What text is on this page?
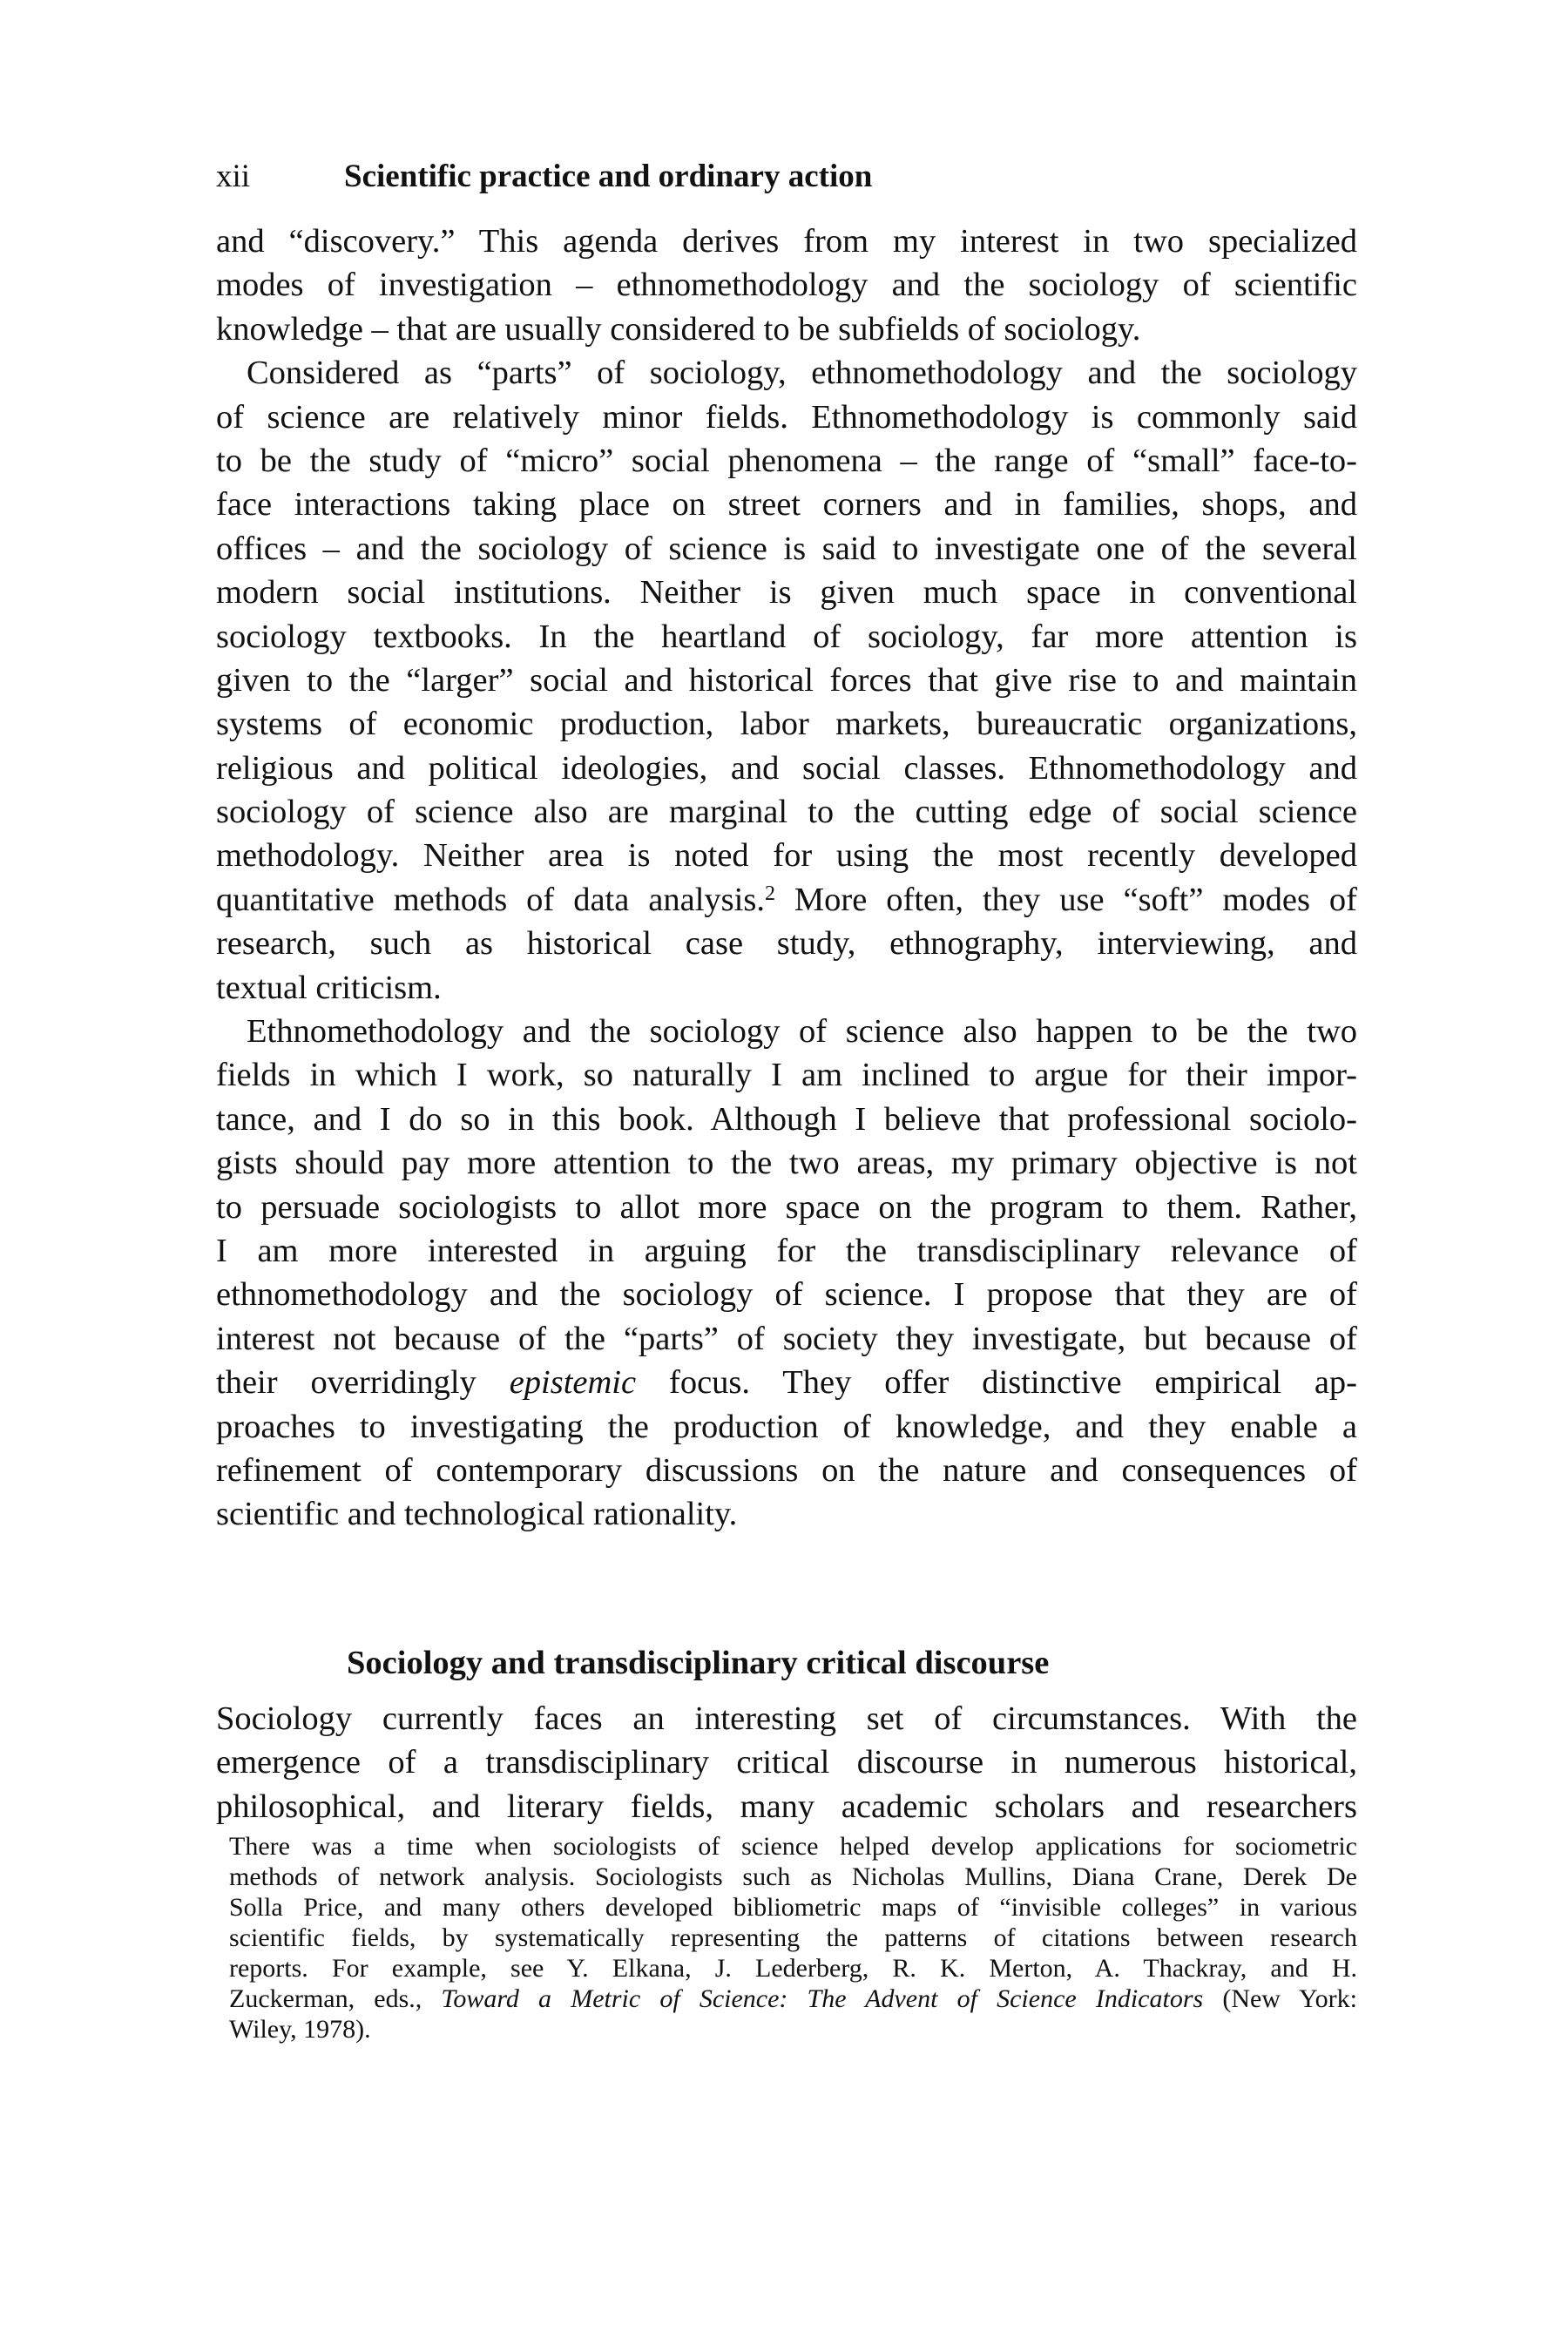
xii	Scientific practice and ordinary action
and “discovery.” This agenda derives from my interest in two specialized
modes of investigation – ethnomethodology and the sociology of scientific
knowledge – that are usually considered to be subfields of sociology.
Considered as “parts” of sociology, ethnomethodology and the sociology
of science are relatively minor fields. Ethnomethodology is commonly said
to be the study of “micro” social phenomena – the range of “small” face-to-
face interactions taking place on street corners and in families, shops, and
offices – and the sociology of science is said to investigate one of the several
modern social institutions. Neither is given much space in conventional
sociology textbooks. In the heartland of sociology, far more attention is
given to the “larger” social and historical forces that give rise to and maintain
systems of economic production, labor markets, bureaucratic organizations,
religious and political ideologies, and social classes. Ethnomethodology and
sociology of science also are marginal to the cutting edge of social science
methodology. Neither area is noted for using the most recently developed
quantitative methods of data analysis.$^2$ More often, they use “soft” modes of
research, such as historical case study, ethnography, interviewing, and
textual criticism.
Ethnomethodology and the sociology of science also happen to be the two
fields in which I work, so naturally I am inclined to argue for their impor-
tance, and I do so in this book. Although I believe that professional sociolo-
gists should pay more attention to the two areas, my primary objective is not
to persuade sociologists to allot more space on the program to them. Rather,
I am more interested in arguing for the transdisciplinary relevance of
ethnomethodology and the sociology of science. I propose that they are of
interest not because of the “parts” of society they investigate, but because of
their overridingly epistemic focus. They offer distinctive empirical ap-
proaches to investigating the production of knowledge, and they enable a
refinement of contemporary discussions on the nature and consequences of
scientific and technological rationality.
Sociology and transdisciplinary critical discourse
Sociology currently faces an interesting set of circumstances. With the
emergence of a transdisciplinary critical discourse in numerous historical,
philosophical, and literary fields, many academic scholars and researchers
There was a time when sociologists of science helped develop applications for sociometric
methods of network analysis. Sociologists such as Nicholas Mullins, Diana Crane, Derek De
Solla Price, and many others developed bibliometric maps of “invisible colleges” in various
scientific fields, by systematically representing the patterns of citations between research
reports. For example, see Y. Elkana, J. Lederberg, R. K. Merton, A. Thackray, and H.
Zuckerman, eds., Toward a Metric of Science: The Advent of Science Indicators (New York:
Wiley, 1978).
